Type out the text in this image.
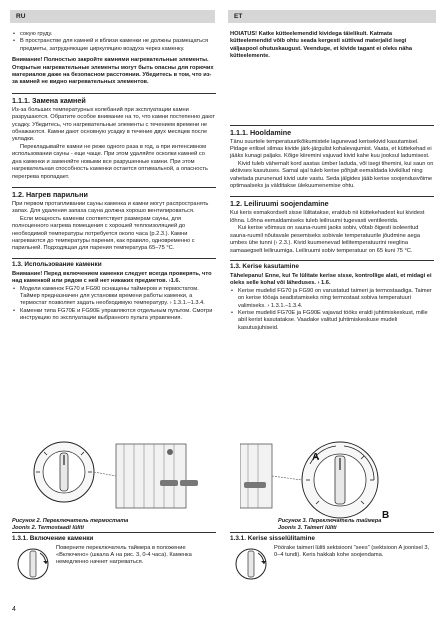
RU	ET
• сокую груду.
• В пространстве для камней и вблизи каменки не должны размещаться предметы, затрудняющие циркуляцию воздуха через каменку.

Внимание! Полностью закройте камнями нагревательные элементы. Открытые нагревательные элементы могут быть опасны для горючих материалов даже на безопасном расстоянии. Убедитесь в том, что из-за камней не видно нагревательных элементов.

1.1.1. Замена камней

Из-за больших температурных колебаний при эксплуатации камни разрушаются. Обратите особое внимание на то, что камни постепенно дают усадку. Убедитесь, что нагревательные элементы с течением времени не обнажаются. Камни дают основную усадку в течение двух месяцев после укладки.

Перекладывайте камни не реже одного раза в год, а при интенсивном использовании сауны - еще чаще. При этом удаляйте осколки камней со дна каменки и заменяйте новыми все разрушенные камни. При этом нагревательная способность каменки остается оптимальной, а опасность перегрева пропадает.

1.2. Нагрев парильни

При первом протапливании сауны каменка и камни могут распространять запах. Для удаления запаха сауна должна хорошо вентилироваться.

Если мощность каменки соответствует размерам сауны, для полноценного нагрева помещения с хорошей теплоизоляцией до необходимой температуры потребуется около часа (р.2.3.). Камни нагреваются до температуры парения, как правило, одновременно с парильней. Подходящая для парения температура 65–75 °С.

1.3. Использование каменки

Внимание! Перед включением каменки следует всегда проверять, что над каменкой или рядом с ней нет никаких предметов. ›1.6.

• Модели каменок FG70 и FG90 оснащены таймером и термостатом. Таймер предназначен для установки времени работы каменки, а термостат позволяет задать необходимую температуру. › 1.3.1.–1.3.4.
• Каменки типа FG70E и FG90E управляются отдельным пультом. Смотри инструкцию по эксплуатации выбранного пульта управления.

HOIATUS! Katke kütteelemendid kividega täielikult. Katmata kütteelemendid võib ohtu seada kergesti süttivad materjalid isegi väljaspool ohutuskaugust. Veenduge, et kivide tagant ei oleks näha kütteelemente.

1.1.1. Hooldamine

Tänu suurtele temperatuurikõikumistele lagunevad kerisekivid kasutamisel. Pidage erilisel silmas kivide järk-järgulist kohalevajumist. Vaata, et küttekehad ei jääks kunagi paljaks. Kõige kiiremini vajuvad kivid kahe kuu jooksul ladumisest.

Kivid tuleb vähemalt kord aastas ümber laduda, või isegi tihemini, kui saun on aktiivses kasutuses. Samal ajal tuleb kerise põhjalt eemaldada kivikillud ning vahetada purunenud kivid uute vastu. Seda jälgides jääb kerise soojendusvõime optimaalseks ja välditakse ülekuumenemise ohtu.

1.2. Leiliruumi soojendamine

Kui keris esmakordselt sisse lülitatakse, eraldub nii küttekehadest kui kividest lõhna. Lõhna eemaldamiseks tuleb leiliruumi tugevasti ventileerida.

Kui kerise võimsus on sauna-ruumi jaoks sobiv, võtab õigesti isoleeritud sauna-ruumil nõutavale pesemiseks sobivale temperatuurile jõudmine aega umbes ühe tunni (› 2.3.). Kivid kuumenevad leilitemperatuurini reeglina samaaegselt leiliruumiga. Leiliruumi sobiv temperatuur on 65 kuni 75 °C.

1.3. Kerise kasutamine

Tähelepanu! Enne, kui Te lülitate kerise sisse, kontrollige alati, et midagi ei oleks selle kohal või läheduses. › 1.6.

• Kerise mudelid FG70 ja FG90 on varustatud taimeri ja termostaadiga. Taimer on kerise tööaja seadistamiseks ning termostaat sobiva temperatuuri valimiseks. › 1.3.1.–1.3.4.
• Kerise mudelid FG70E ja FG90E vajavad tööks eraldi juhtimiskeskust, mille abil kerist kasutatakse. Vaadake valitud juhtimiskeskuse mudeli kasutusjuhiseid.
A
B
Рисунок 2. Переключатель термостата
Joonis 2. Termostaadi lüliti
Рисунок 3. Переключатель таймера
Joonis 3. Taimeri lüliti
1.3.1. Включение каменки
Поверните переключатель таймера в положение «Включено» (шкала А на рис. 3, 0-4 часа). Каменка немедленно начнет нагреваться.
1.3.1. Kerise sisselülitamine
Pöörake taimeri lüliti sektsiooni "sees" (sektsioon A joonisel 3, 0–4 tundi). Keris hakkab kohe soojendama.
4
